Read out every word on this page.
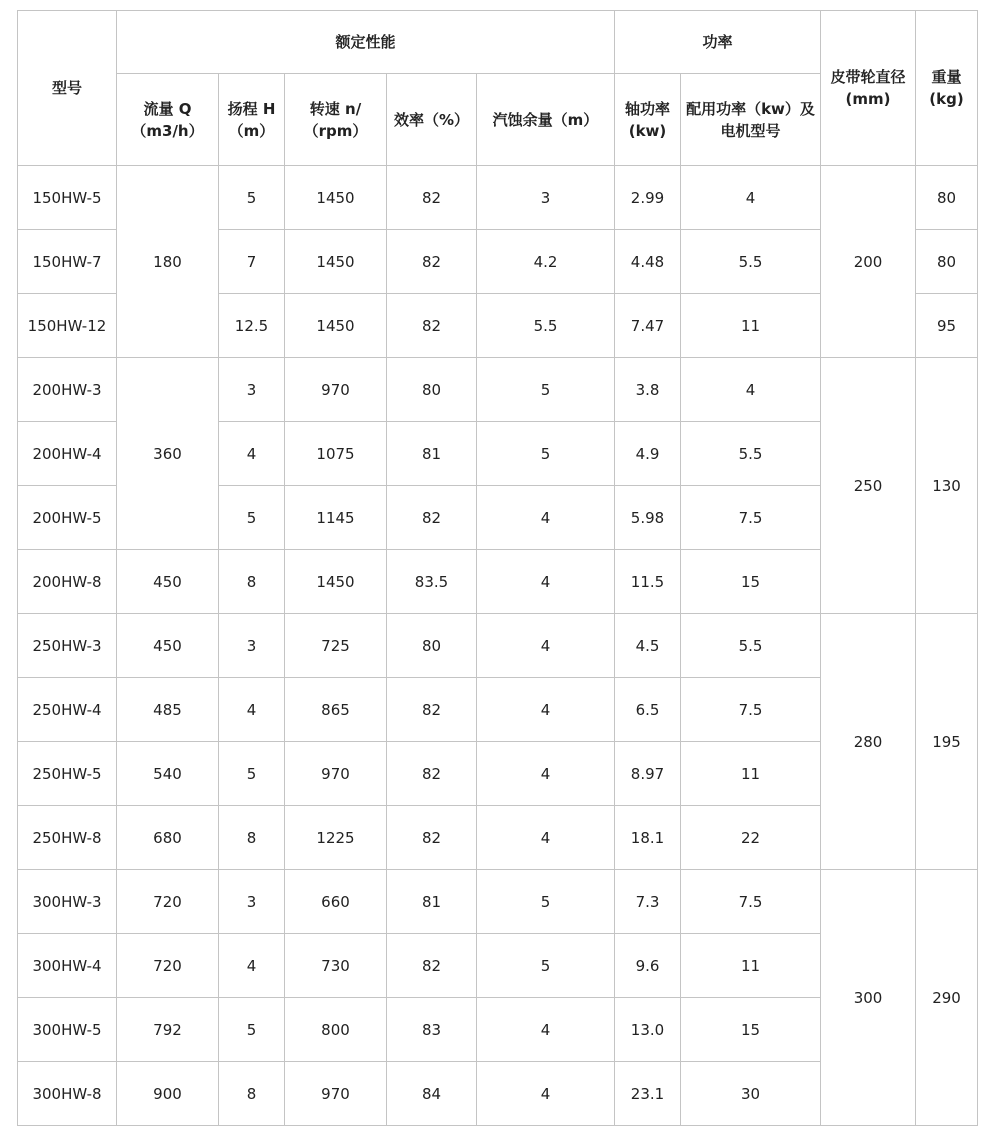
型号	额定性能					功率		皮带轮直径 (mm)	重量 (kg)
	流量 Q（m3/h）	扬程 H（m）	转速 n/（rpm）	效率（%）	汽蚀余量（m）	轴功率 (kw)	配用功率（kw）及电机型号		
150HW-5	180	5	1450	82	3	2.99	4	200	80
150HW-7		7	1450	82	4.2	4.48	5.5		80
150HW-12		12.5	1450	82	5.5	7.47	11		95
200HW-3	360	3	970	80	5	3.8	4	250	130
200HW-4		4	1075	81	5	4.9	5.5		
200HW-5		5	1145	82	4	5.98	7.5		
200HW-8	450	8	1450	83.5	4	11.5	15		
250HW-3	450	3	725	80	4	4.5	5.5	280	195
250HW-4	485	4	865	82	4	6.5	7.5		
250HW-5	540	5	970	82	4	8.97	11		
250HW-8	680	8	1225	82	4	18.1	22		
300HW-3	720	3	660	81	5	7.3	7.5	300	290
300HW-4	720	4	730	82	5	9.6	11		
300HW-5	792	5	800	83	4	13.0	15		
300HW-8	900	8	970	84	4	23.1	30		
